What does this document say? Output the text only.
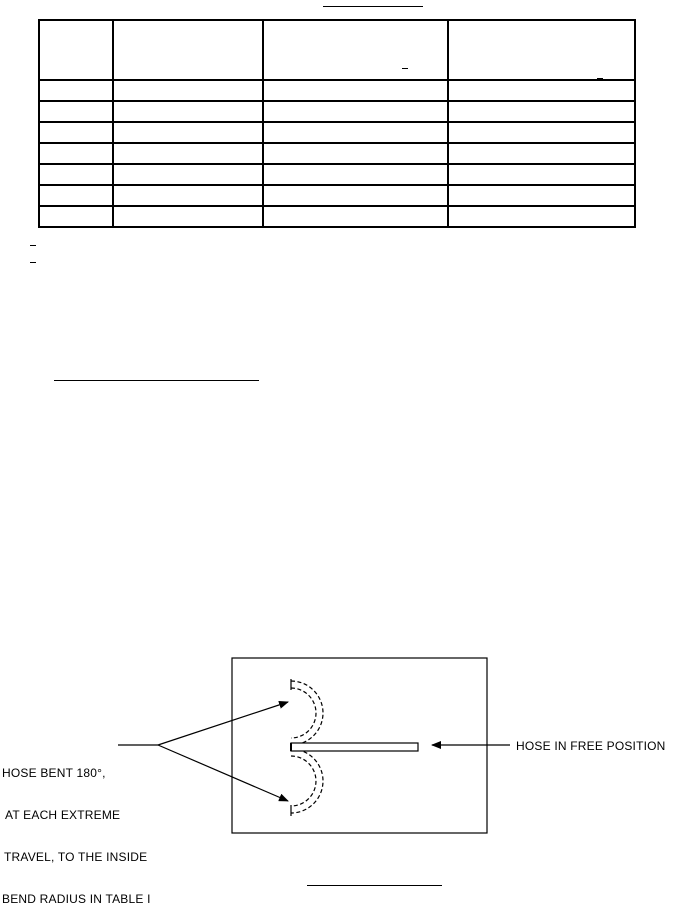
HOSE BENT 180°,

AT EACH EXTREME

TRAVEL, TO THE INSIDE

BEND RADIUS IN TABLE I

HOSE IN FREE POSITION
